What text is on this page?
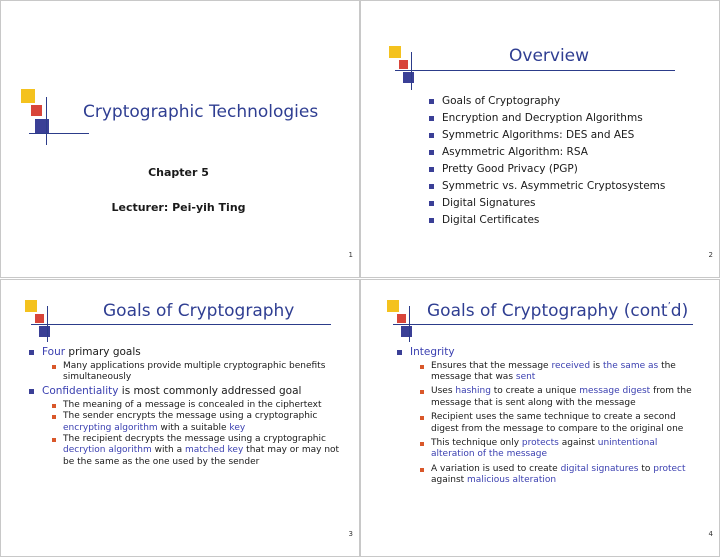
Cryptographic Technologies
Chapter 5
Lecturer: Pei-yih Ting
1
Overview
Goals of Cryptography
Encryption and Decryption Algorithms
Symmetric Algorithms: DES and AES
Asymmetric Algorithm: RSA
Pretty Good Privacy (PGP)
Symmetric vs. Asymmetric Cryptosystems
Digital Signatures
Digital Certificates
2
Goals of Cryptography
Four primary goals
Many applications provide multiple cryptographic benefits simultaneously
Confidentiality is most commonly addressed goal
The meaning of a message is concealed in the ciphertext
The sender encrypts the message using a cryptographic encrypting algorithm with a suitable key
The recipient decrypts the message using a cryptographic decrytion algorithm with a matched key that may or may not be the same as the one used by the sender
3
Goals of Cryptography (cont’d)
Integrity
Ensures that the message received is the same as the message that was sent
Uses hashing to create a unique message digest from the message that is sent along with the message
Recipient uses the same technique to create a second digest from the message to compare to the original one
This technique only protects against unintentional alteration of the message
A variation is used to create digital signatures to protect against malicious alteration
4
